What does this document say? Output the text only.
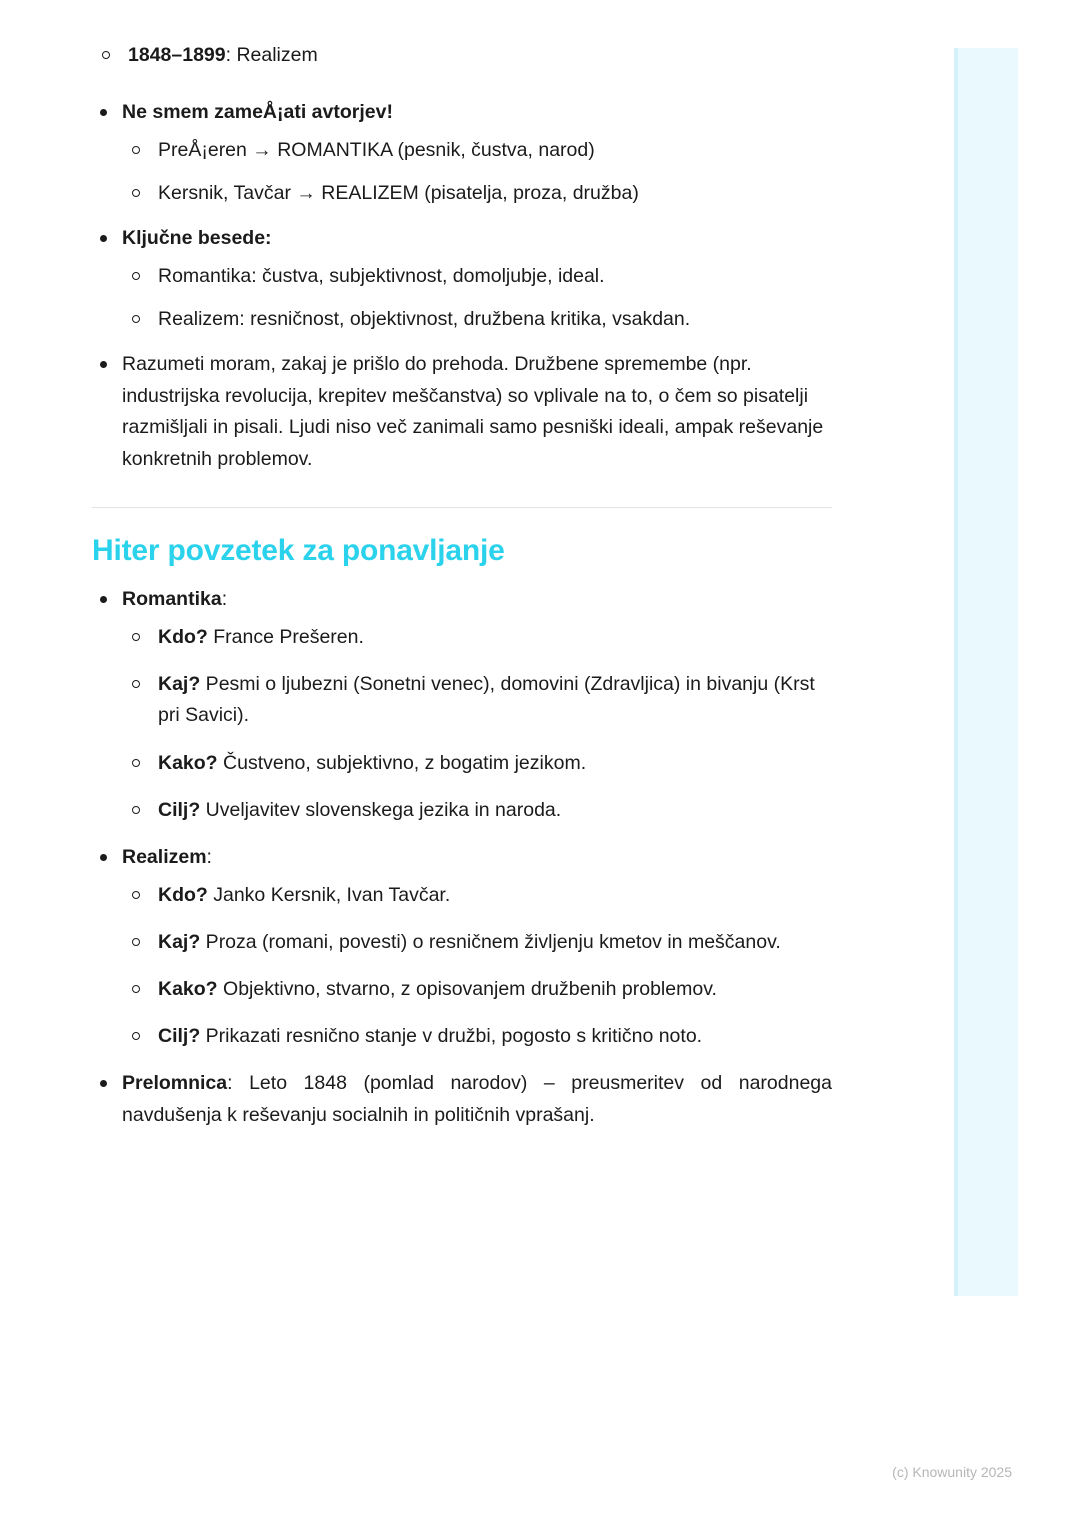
1848–1899: Realizem
Ne smem zameÅ¡ati avtorjev!
PreÅ¡eren → ROMANTIKA (pesnik, čustva, narod)
Kersnik, Tavčar → REALIZEM (pisatelja, proza, družba)
Ključne besede:
Romantika: čustva, subjektivnost, domoljubje, ideal.
Realizem: resničnost, objektivnost, družbena kritika, vsakdan.
Razumeti moram, zakaj je prišlo do prehoda. Družbene spremembe (npr. industrijska revolucija, krepitev meščanstva) so vplivale na to, o čem so pisatelji razmišljali in pisali. Ljudi niso več zanimali samo pesniški ideali, ampak reševanje konkretnih problemov.
Hiter povzetek za ponavljanje
Romantika:
Kdo? France Prešeren.
Kaj? Pesmi o ljubezni (Sonetni venec), domovini (Zdravljica) in bivanju (Krst pri Savici).
Kako? Čustveno, subjektivno, z bogatim jezikom.
Cilj? Uveljavitev slovenskega jezika in naroda.
Realizem:
Kdo? Janko Kersnik, Ivan Tavčar.
Kaj? Proza (romani, povesti) o resničnem življenju kmetov in meščanov.
Kako? Objektivno, stvarno, z opisovanjem družbenih problemov.
Cilj? Prikazati resnično stanje v družbi, pogosto s kritično noto.
Prelomnica: Leto 1848 (pomlad narodov) – preusmeritev od narodnega navdušenja k reševanju socialnih in političnih vprašanj.
(c) Knowunity 2025
